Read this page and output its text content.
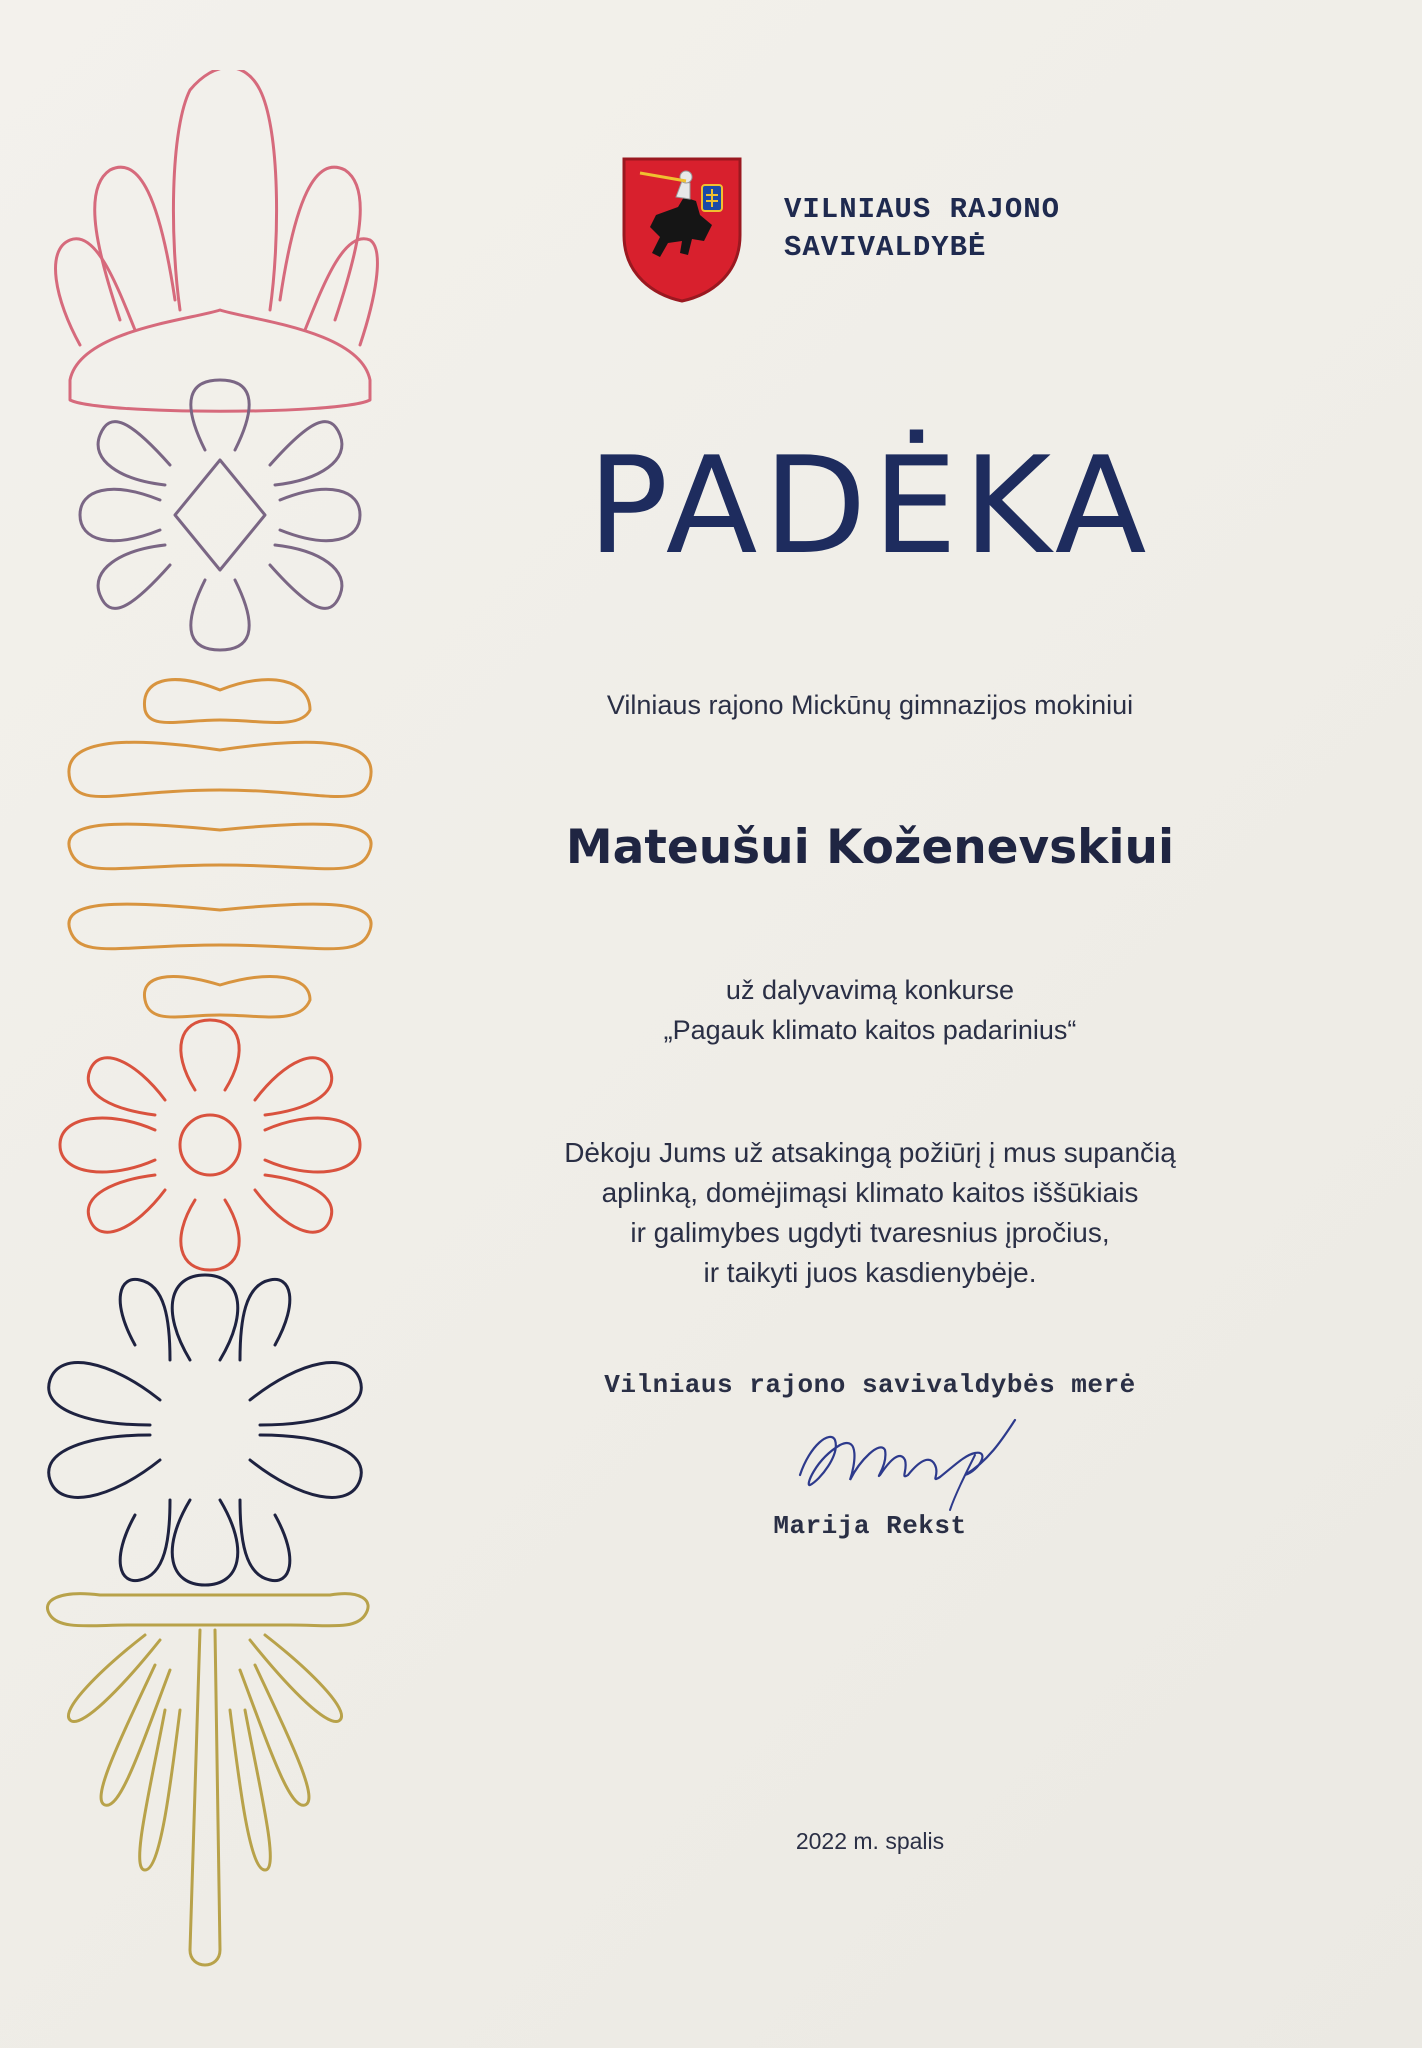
VILNIAUS RAJONO
SAVIVALDYBĖ
PADĖKA
Vilniaus rajono Mickūnų gimnazijos mokiniui
Mateušui Koženevskiui
už dalyvavimą konkurse
„Pagauk klimato kaitos padarinius“
Dėkoju Jums už atsakingą požiūrį į mus supančią
aplinką, domėjimąsi klimato kaitos iššūkiais
ir galimybes ugdyti tvaresnius įpročius,
ir taikyti juos kasdienybėje.
Vilniaus rajono savivaldybės merė
Marija Rekst
2022 m. spalis
